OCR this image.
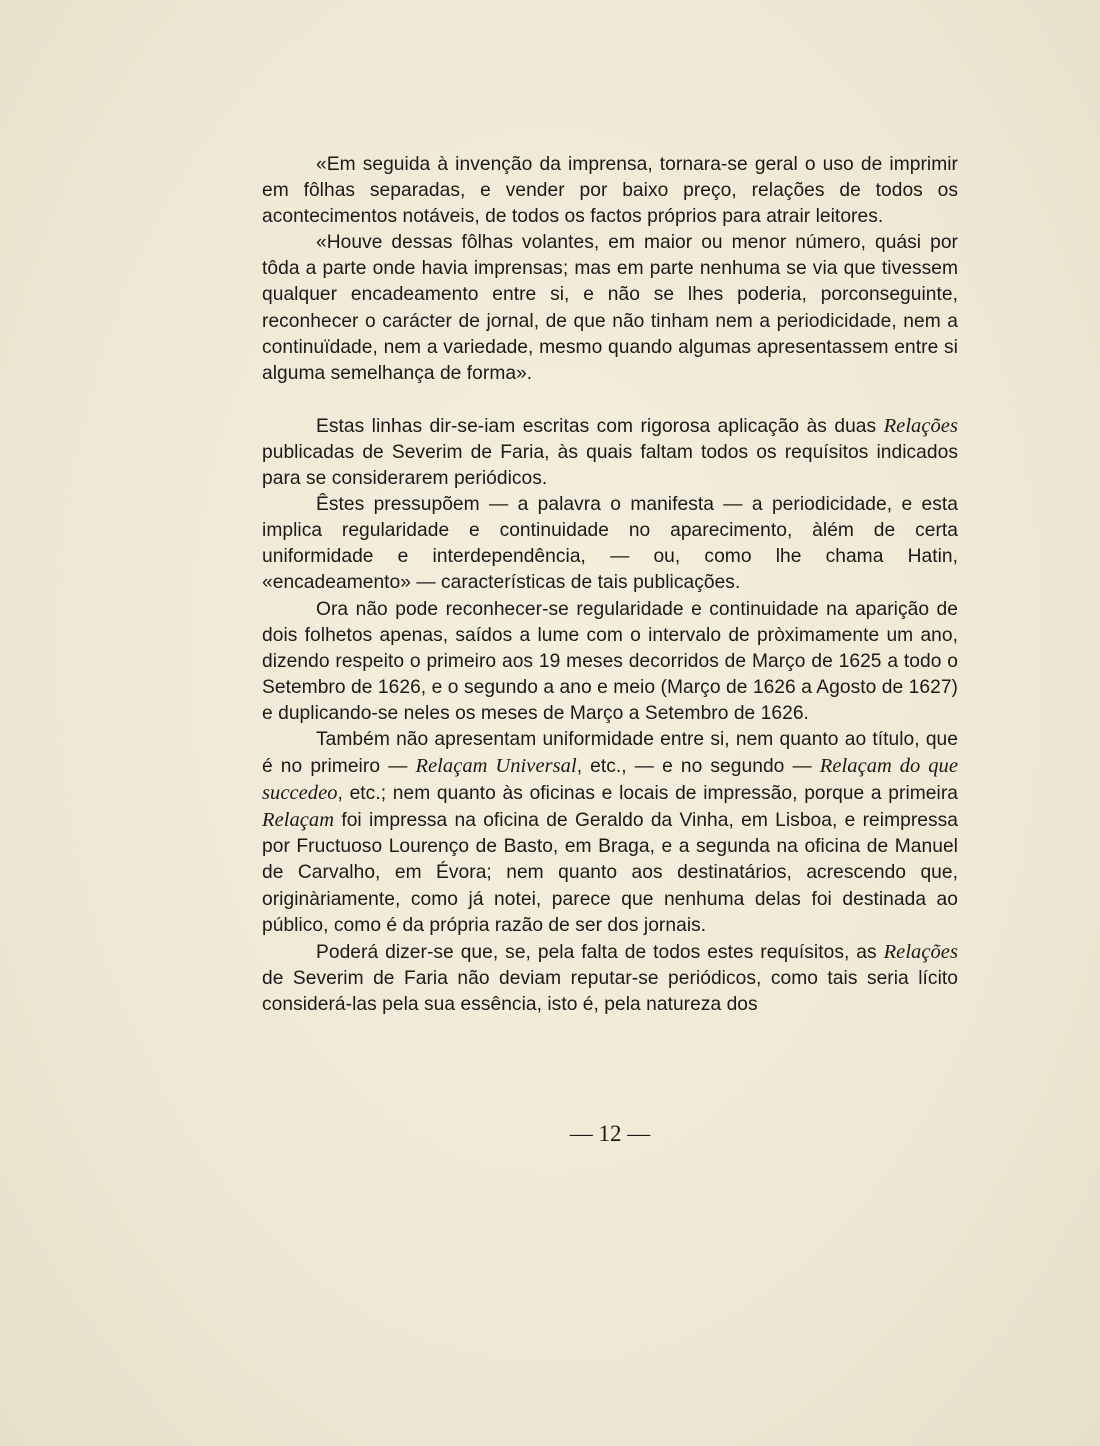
«Em seguida à invenção da imprensa, tornara-se geral o uso de imprimir em fôlhas separadas, e vender por baixo preço, relações de todos os acontecimentos notáveis, de todos os factos próprios para atrair leitores.

«Houve dessas fôlhas volantes, em maior ou menor número, quási por tôda a parte onde havia imprensas; mas em parte nenhuma se via que tivessem qualquer encadeamento entre si, e não se lhes poderia, porconseguinte, reconhecer o carácter de jornal, de que não tinham nem a periodicidade, nem a continuïdade, nem a variedade, mesmo quando algumas apresentassem entre si alguma semelhança de forma».

Estas linhas dir-se-iam escritas com rigorosa aplicação às duas Relações publicadas de Severim de Faria, às quais faltam todos os requísitos indicados para se considerarem periódicos.

Êstes pressupõem — a palavra o manifesta — a periodicidade, e esta implica regularidade e continuidade no aparecimento, àlém de certa uniformidade e interdependência, — ou, como lhe chama Hatin, «encadeamento» — características de tais publicações.

Ora não pode reconhecer-se regularidade e continuidade na aparição de dois folhetos apenas, saídos a lume com o intervalo de pròximamente um ano, dizendo respeito o primeiro aos 19 meses decorridos de Março de 1625 a todo o Setembro de 1626, e o segundo a ano e meio (Março de 1626 a Agosto de 1627) e duplicando-se neles os meses de Março a Setembro de 1626.

Também não apresentam uniformidade entre si, nem quanto ao título, que é no primeiro — Relaçam Universal, etc., — e no segundo — Relaçam do que succedeo, etc.; nem quanto às oficinas e locais de impressão, porque a primeira Relaçam foi impressa na oficina de Geraldo da Vinha, em Lisboa, e reimpressa por Fructuoso Lourenço de Basto, em Braga, e a segunda na oficina de Manuel de Carvalho, em Évora; nem quanto aos destinatários, acrescendo que, originàriamente, como já notei, parece que nenhuma delas foi destinada ao público, como é da própria razão de ser dos jornais.

Poderá dizer-se que, se, pela falta de todos estes requísitos, as Relações de Severim de Faria não deviam reputar-se periódicos, como tais seria lícito considerá-las pela sua essência, isto é, pela natureza dos

— 12 —
